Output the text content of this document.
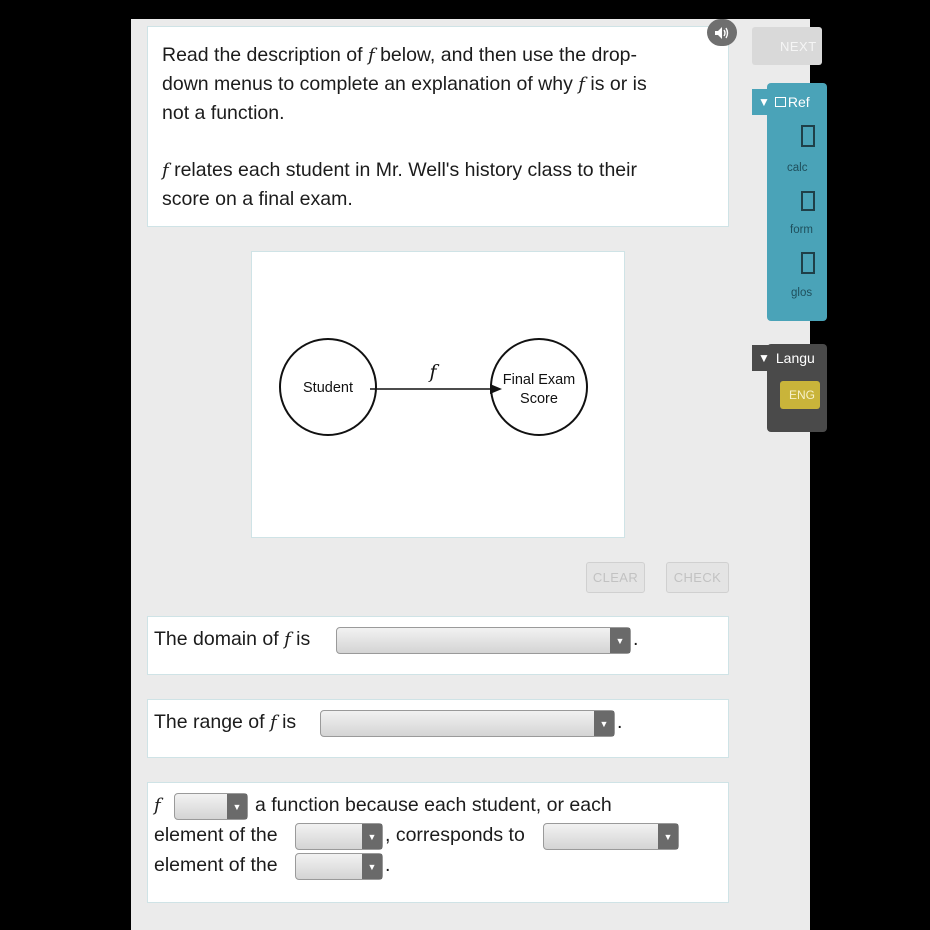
Read the description of f below, and then use the drop-
down menus to complete an explanation of why f is or is
not a function.
f relates each student in Mr. Well's history class to their
score on a final exam.
NEXT
▼ Ref
calc
form
glos
▼ Langu
ENG
Student	Final Exam
Score
f
CLEAR	CHECK
The domain of f is	▼ .
The range of f is	▼ .
f	▼ a function because each student, or each
element of the	▼ , corresponds to	▼
element of the	▼ .
